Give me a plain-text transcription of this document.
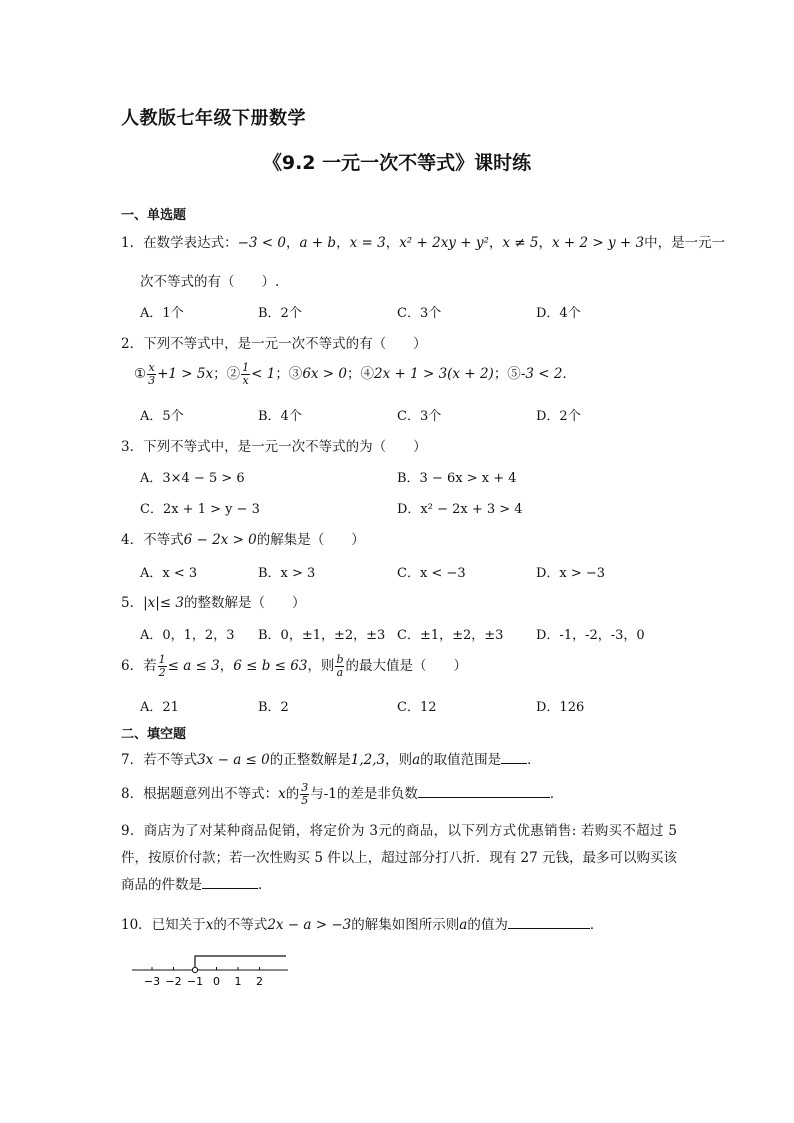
人教版七年级下册数学
《9.2 一元一次不等式》课时练
一、单选题
1．在数学表达式：−3 < 0，a + b，x = 3，x² + 2xy + y²，x ≠ 5，x + 2 > y + 3中，是一元一
次不等式的有（　　）.
A．1个	B．2个	C．3个	D．4个
2．下列不等式中，是一元一次不等式的有（　　）
① $\frac{x}{3} +1 > 5x$；② $\frac{1}{x} < 1$；③6x > 0；④2x + 1 > 3(x + 2)；⑤-3 < 2．
A．5个	B．4个	C．3个	D．2个
3．下列不等式中，是一元一次不等式的为（　　）
A．3×4 − 5 > 6	B．3 − 6x > x + 4
C．2x + 1 > y − 3	D．x² − 2x + 3 > 4
4．不等式6 − 2x > 0的解集是（　　）
A．x < 3	B．x > 3	C．x < −3	D．x > −3
5．|x|≤ 3的整数解是（　　）
A．0，1，2，3 B．0，±1，±2，±3 C．±1，±2，±3	D．-1，-2，-3，0
6．若 $\frac{1}{2} \le a \le 3$，6 ≤ b ≤ 63，则 $\frac{b}{a}$ 的最大值是（　　）
A．21	B．2	C．12	D．126
二、填空题
7．若不等式3x − a ≤ 0的正整数解是1,2,3，则a的取值范围是 ．
8．根据题意列出不等式：x的 $\frac{3}{5}$ 与-1的差是非负数	．
9．商店为了对某种商品促销，将定价为 3元的商品，以下列方式优惠销售: 若购买不超过 5件，按原价付款；若一次性购买 5 件以上，超过部分打八折．现有 27 元钱，最多可以购买该商品的件数是	．
10．已知关于x的不等式2x − a > −3的解集如图所示则a的值为	．
−3 −2 −1 0 1 2
